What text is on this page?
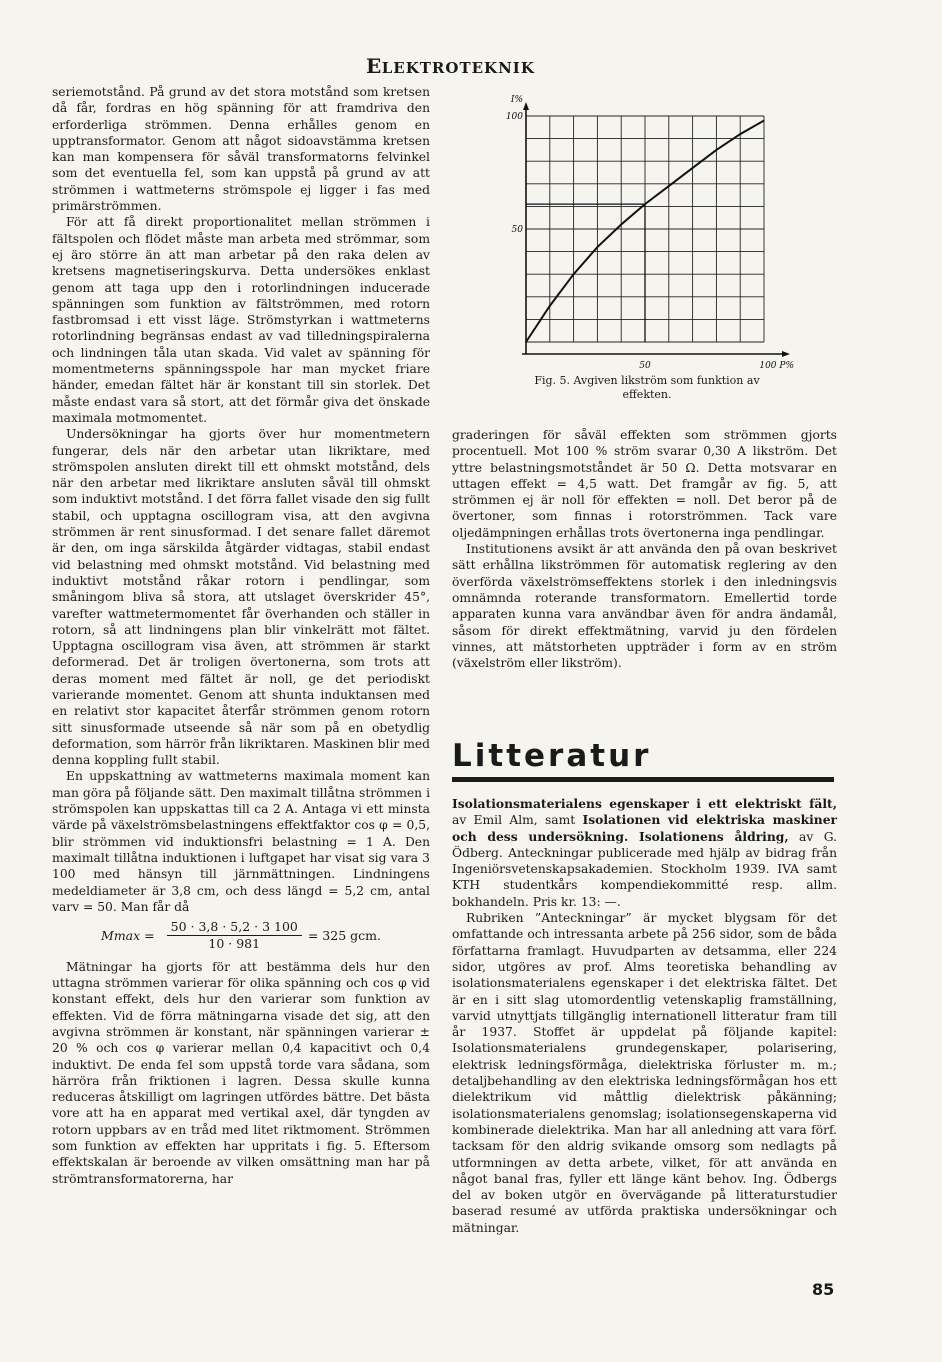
ELEKTROTEKNIK

seriemotstånd. På grund av det stora motstånd som kretsen då får, fordras en hög spänning för att framdriva den erforderliga strömmen. Denna erhålles genom en upptransformator. Genom att något sidoavstämma kretsen kan man kompensera för såväl transformatorns felvinkel som det eventuella fel, som kan uppstå på grund av att strömmen i wattmeterns strömspole ej ligger i fas med primärströmmen.

För att få direkt proportionalitet mellan strömmen i fältspolen och flödet måste man arbeta med strömmar, som ej äro större än att man arbetar på den raka delen av kretsens magnetiseringskurva. Detta undersökes enklast genom att taga upp den i rotorlindningen inducerade spänningen som funktion av fältströmmen, med rotorn fastbromsad i ett visst läge. Strömstyrkan i wattmeterns rotorlindning begränsas endast av vad tilledningspiralerna och lindningen tåla utan skada. Vid valet av spänning för momentmeterns spänningsspole har man mycket friare händer, emedan fältet här är konstant till sin storlek. Det måste endast vara så stort, att det förmår giva det önskade maximala motmomentet.

Undersökningar ha gjorts över hur momentmetern fungerar, dels när den arbetar utan likriktare, med strömspolen ansluten direkt till ett ohmskt motstånd, dels när den arbetar med likriktare ansluten såväl till ohmskt som induktivt motstånd. I det förra fallet visade den sig fullt stabil, och upptagna oscillogram visa, att den avgivna strömmen är rent sinusformad. I det senare fallet däremot är den, om inga särskilda åtgärder vidtagas, stabil endast vid belastning med ohmskt motstånd. Vid belastning med induktivt motstånd råkar rotorn i pendlingar, som småningom bliva så stora, att utslaget överskrider 45°, varefter wattmetermomentet får överhanden och ställer in rotorn, så att lindningens plan blir vinkelrätt mot fältet. Upptagna oscillogram visa även, att strömmen är starkt deformerad. Det är troligen övertonerna, som trots att deras moment med fältet är noll, ge det periodiskt varierande momentet. Genom att shunta induktansen med en relativt stor kapacitet återfår strömmen genom rotorn sitt sinusformade utseende så när som på en obetydlig deformation, som härrör från likriktaren. Maskinen blir med denna koppling fullt stabil.

En uppskattning av wattmeterns maximala moment kan man göra på följande sätt. Den maximalt tillåtna strömmen i strömspolen kan uppskattas till ca 2 A. Antaga vi ett minsta värde på växelströmsbelastningens effektfaktor cos φ = 0,5, blir strömmen vid induktionsfri belastning = 1 A. Den maximalt tillåtna induktionen i luftgapet har visat sig vara 3 100 med hänsyn till järnmättningen. Lindningens medeldiameter är 3,8 cm, och dess längd = 5,2 cm, antal varv = 50. Man får då

$Mmax = \frac{50 \cdot 3,8 \cdot 5,2 \cdot 3 100}{10 \cdot 981} = 325$ gcm.

Mätningar ha gjorts för att bestämma dels hur den uttagna strömmen varierar för olika spänning och cos φ vid konstant effekt, dels hur den varierar som funktion av effekten. Vid de förra mätningarna visade det sig, att den avgivna strömmen är konstant, när spänningen varierar ± 20 % och cos φ varierar mellan 0,4 kapacitivt och 0,4 induktivt. De enda fel som uppstå torde vara sådana, som härröra från friktionen i lagren. Dessa skulle kunna reduceras åtskilligt om lagringen utfördes bättre. Det bästa vore att ha en apparat med vertikal axel, där tyngden av rotorn uppbars av en tråd med litet riktmoment. Strömmen som funktion av effekten har uppritats i fig. 5. Eftersom effektskalan är beroende av vilken omsättning man har på strömtransformatorerna, har

I%
100
50
50	100 P%
Fig. 5. Avgiven likström som funktion av effekten.

graderingen för såväl effekten som strömmen gjorts procentuell. Mot 100 % ström svarar 0,30 A likström. Det yttre belastningsmotståndet är 50 Ω. Detta motsvarar en uttagen effekt = 4,5 watt. Det framgår av fig. 5, att strömmen ej är noll för effekten = noll. Det beror på de övertoner, som finnas i rotorströmmen. Tack vare oljedämpningen erhållas trots övertonerna inga pendlingar.

Institutionens avsikt är att använda den på ovan beskrivet sätt erhållna likströmmen för automatisk reglering av den överförda växelströmseffektens storlek i den inledningsvis omnämnda roterande transformatorn. Emellertid torde apparaten kunna vara användbar även för andra ändamål, såsom för direkt effektmätning, varvid ju den fördelen vinnes, att mätstorheten uppträder i form av en ström (växelström eller likström).

Litteratur

Isolationsmaterialens egenskaper i ett elektriskt fält, av Emil Alm, samt Isolationen vid elektriska maskiner och dess undersökning. Isolationens åldring, av G. Ödberg. Anteckningar publicerade med hjälp av bidrag från Ingeniörsvetenskapsakademien. Stockholm 1939. IVA samt KTH studentkårs kompendiekommitté resp. allm. bokhandeln. Pris kr. 13: —.

Rubriken ”Anteckningar” är mycket blygsam för det omfattande och intressanta arbete på 256 sidor, som de båda författarna framlagt. Huvudparten av detsamma, eller 224 sidor, utgöres av prof. Alms teoretiska behandling av isolationsmaterialens egenskaper i det elektriska fältet. Det är en i sitt slag utomordentlig vetenskaplig framställning, varvid utnyttjats tillgänglig internationell litteratur fram till år 1937. Stoffet är uppdelat på följande kapitel: Isolationsmaterialens grundegenskaper, polarisering, elektrisk ledningsförmåga, dielektriska förluster m. m.; detaljbehandling av den elektriska ledningsförmågan hos ett dielektrikum vid måttlig dielektrisk påkänning; isolationsmaterialens genomslag; isolationsegenskaperna vid kombinerade dielektrika. Man har all anledning att vara förf. tacksam för den aldrig svikande omsorg som nedlagts på utformningen av detta arbete, vilket, för att använda en något banal fras, fyller ett länge känt behov. Ing. Ödbergs del av boken utgör en övervägande på litteraturstudier baserad resumé av utförda praktiska undersökningar och mätningar.

85
